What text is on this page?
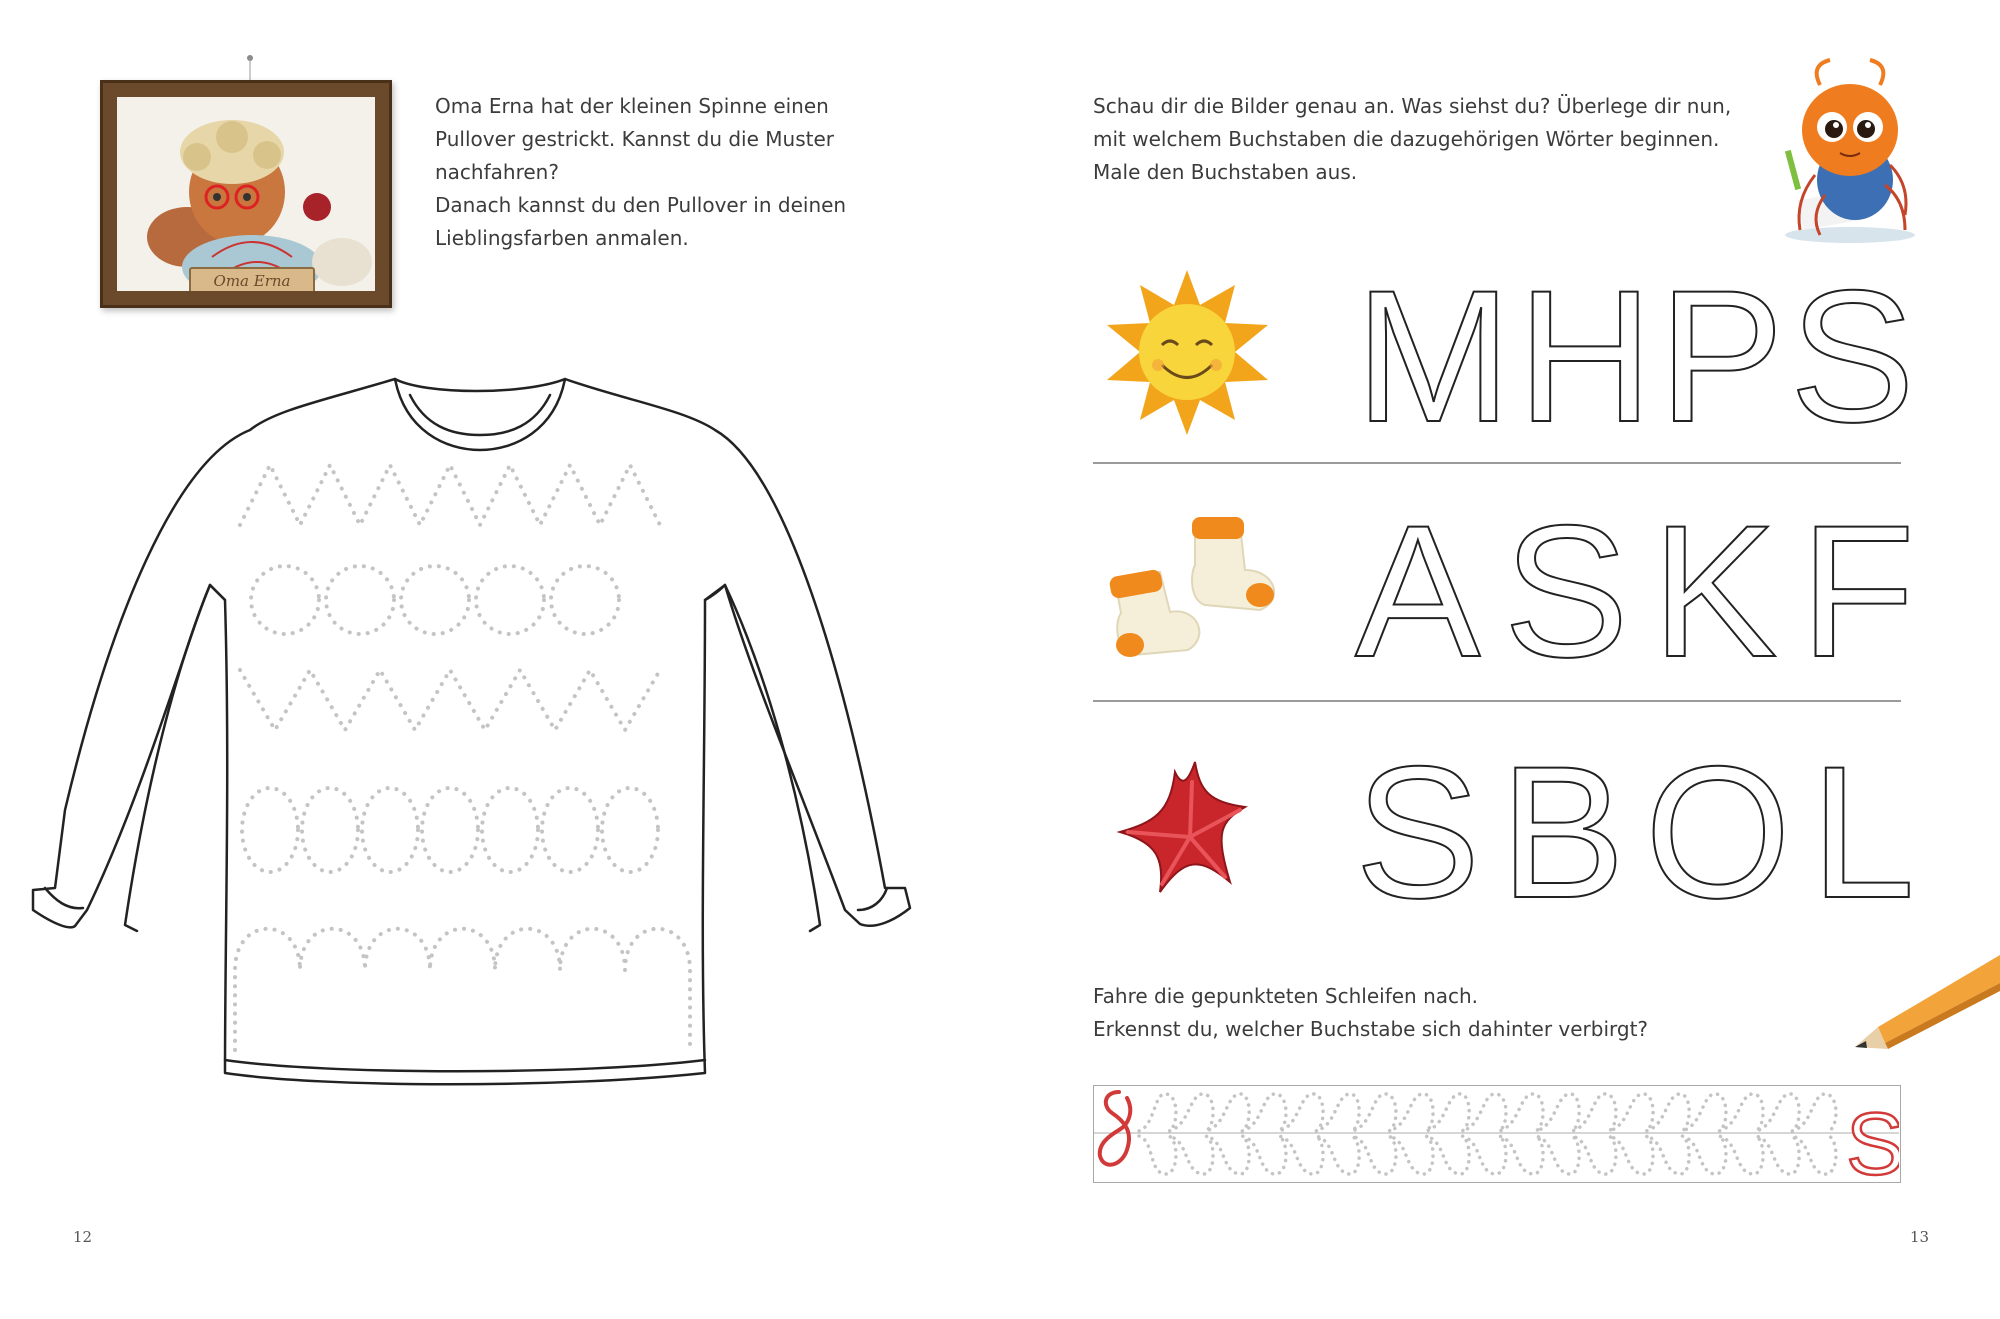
Oma Erna

Oma Erna hat der kleinen Spinne einen

Pullover gestrickt. Kannst du die Muster

nachfahren?

Danach kannst du den Pullover in deinen

Lieblingsfarben anmalen.

12

Schau dir die Bilder genau an. Was siehst du? Überlege dir nun,

mit welchem Buchstaben die dazugehörigen Wörter beginnen.

Male den Buchstaben aus.

M H P S
A S K F
S B O L

Fahre die gepunkteten Schleifen nach.

Erkennst du, welcher Buchstabe sich dahinter verbirgt?

S
13
